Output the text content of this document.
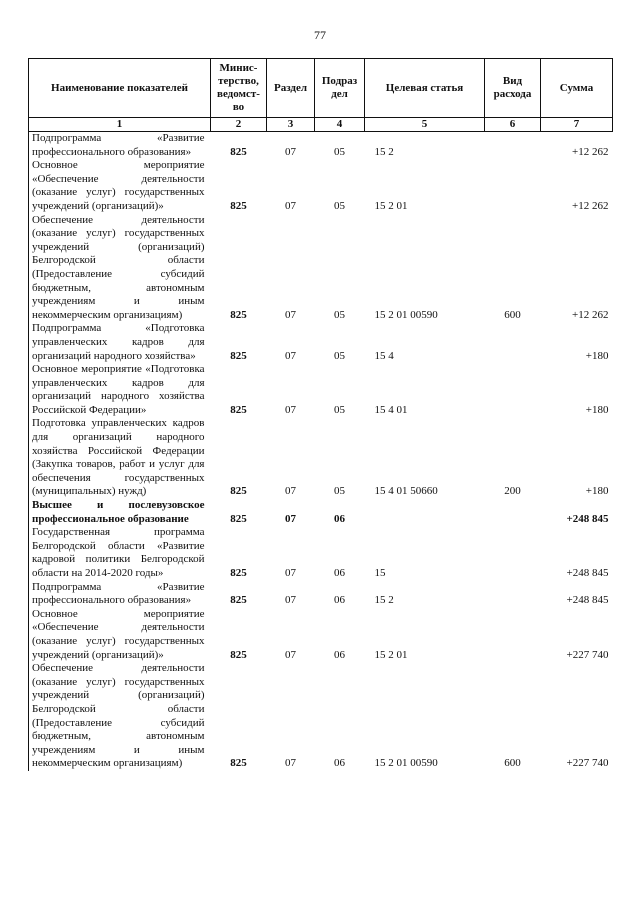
77
Наименование показателей	Минис-терство, ведомст-во	Раздел	Подраз дел	Целевая статья	Вид расхода	Сумма
1	2	3	4	5	6	7
Подпрограмма «Развитие профессионального образования»	825	07	05	15 2		+12 262
Основное мероприятие «Обеспечение деятельности (оказание услуг) государственных учреждений (организаций)»	825	07	05	15 2 01		+12 262
Обеспечение деятельности (оказание услуг) государственных учреждений (организаций) Белгородской области (Предоставление субсидий бюджетным, автономным учреждениям и иным некоммерческим организациям)	825	07	05	15 2 01 00590	600	+12 262
Подпрограмма «Подготовка управленческих кадров для организаций народного хозяйства»	825	07	05	15 4		+180
Основное мероприятие «Подготовка управленческих кадров для организаций народного хозяйства Российской Федерации»	825	07	05	15 4 01		+180
Подготовка управленческих кадров для организаций народного хозяйства Российской Федерации (Закупка товаров, работ и услуг для обеспечения государственных (муниципальных) нужд)	825	07	05	15 4 01 50660	200	+180
Высшее и послевузовское профессиональное образование	825	07	06			+248 845
Государственная программа Белгородской области «Развитие кадровой политики Белгородской области на 2014-2020 годы»	825	07	06	15		+248 845
Подпрограмма «Развитие профессионального образования»	825	07	06	15 2		+248 845
Основное мероприятие «Обеспечение деятельности (оказание услуг) государственных учреждений (организаций)»	825	07	06	15 2 01		+227 740
Обеспечение деятельности (оказание услуг) государственных учреждений (организаций) Белгородской области (Предоставление субсидий бюджетным, автономным учреждениям и иным некоммерческим организациям)	825	07	06	15 2 01 00590	600	+227 740
